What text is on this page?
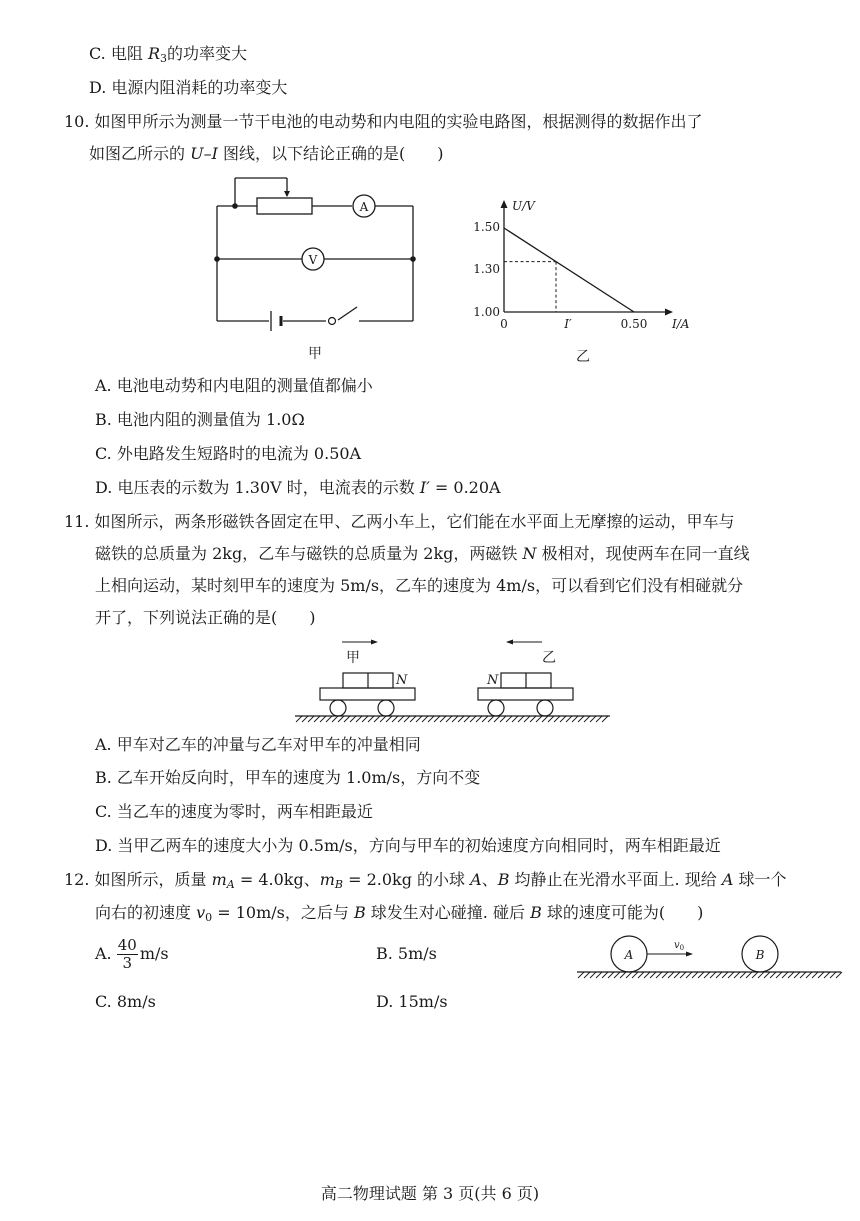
C. 电阻 $R_3$的功率变大
D. 电源内阻消耗的功率变大
10. 如图甲所示为测量一节干电池的电动势和内电阻的实验电路图，根据测得的数据作出了
如图乙所示的 U–I 图线，以下结论正确的是(　　)
A
V
甲
U/V
1.50
1.30
1.00
0	I′	0.50 I/A
乙
A. 电池电动势和内电阻的测量值都偏小
B. 电池内阻的测量值为 1.0Ω
C. 外电路发生短路时的电流为 0.50A
D. 电压表的示数为 1.30V 时，电流表的示数 I′ = 0.20A
11. 如图所示，两条形磁铁各固定在甲、乙两小车上，它们能在水平面上无摩擦的运动，甲车与
磁铁的总质量为 2kg，乙车与磁铁的总质量为 2kg，两磁铁 N 极相对，现使两车在同一直线
上相向运动，某时刻甲车的速度为 5m/s，乙车的速度为 4m/s，可以看到它们没有相碰就分
开了，下列说法正确的是(　　)
甲	乙
N	N
A. 甲车对乙车的冲量与乙车对甲车的冲量相同
B. 乙车开始反向时，甲车的速度为 1.0m/s，方向不变
C. 当乙车的速度为零时，两车相距最近
D. 当甲乙两车的速度大小为 0.5m/s，方向与甲车的初始速度方向相同时，两车相距最近
12. 如图所示，质量 $m_A = 4.0kg$、$m_B = 2.0kg$ 的小球 A、B 均静止在光滑水平面上. 现给 A 球一个
向右的初速度 $v_0 = 10m/s$，之后与 B 球发生对心碰撞. 碰后 B 球的速度可能为(　　)
A. $\frac{40}{3} m/s$	B. 5m/s
C. 8m/s	D. 15m/s
A	B
$v_0$
高二物理试题 第 3 页(共 6 页)
